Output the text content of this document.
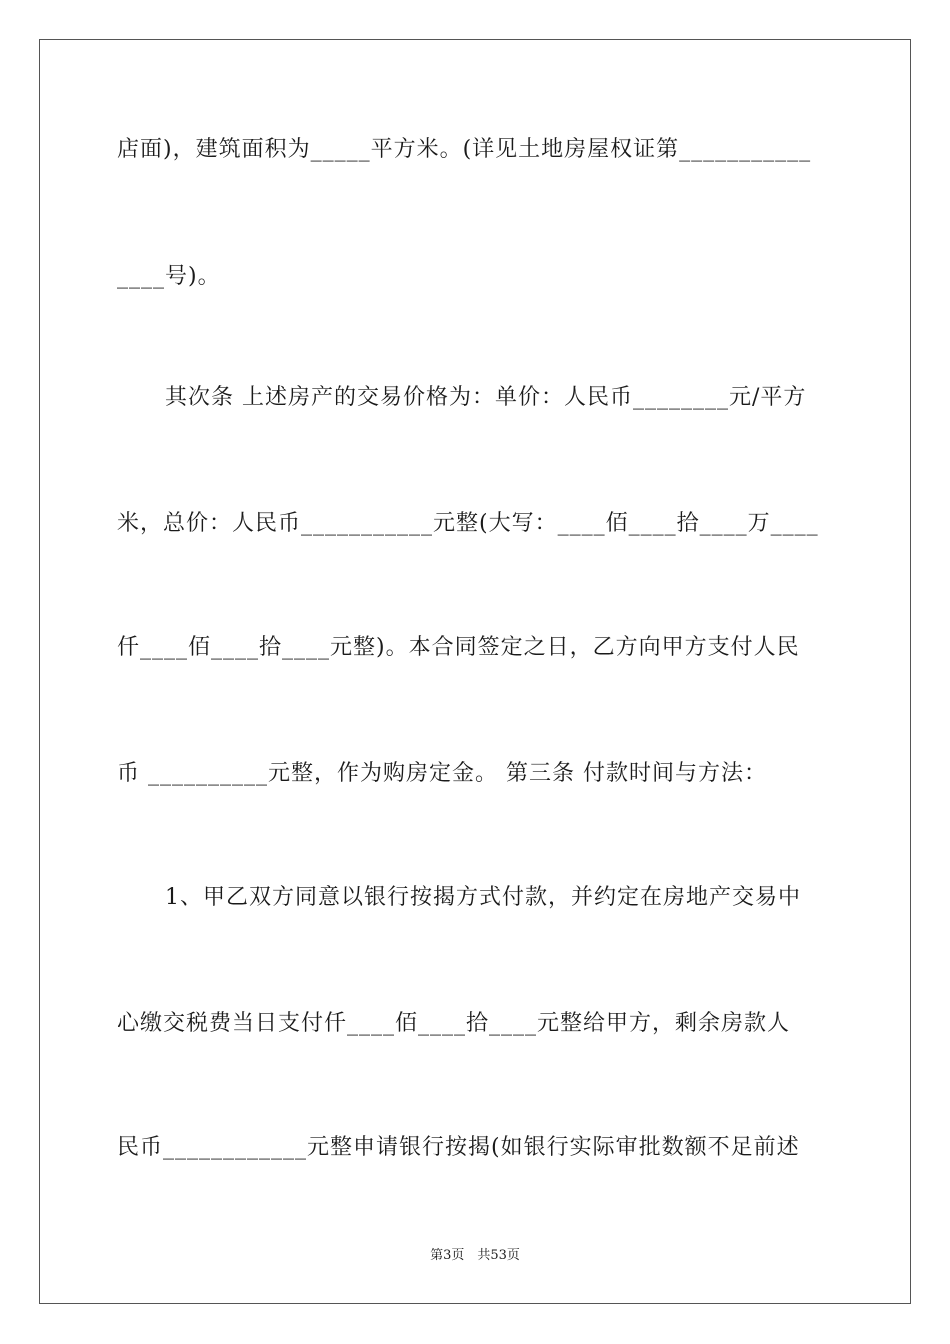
店面)，建筑面积为_____平方米。(详见土地房屋权证第___________
____号)。
其次条 上述房产的交易价格为：单价：人民币________元/平方
米，总价：人民币___________元整(大写：____佰____拾____万____
仟____佰____拾____元整)。本合同签定之日，乙方向甲方支付人民
币 __________元整，作为购房定金。 第三条 付款时间与方法：
1、甲乙双方同意以银行按揭方式付款，并约定在房地产交易中
心缴交税费当日支付仟____佰____拾____元整给甲方，剩余房款人
民币____________元整申请银行按揭(如银行实际审批数额不足前述
第3页　共53页
